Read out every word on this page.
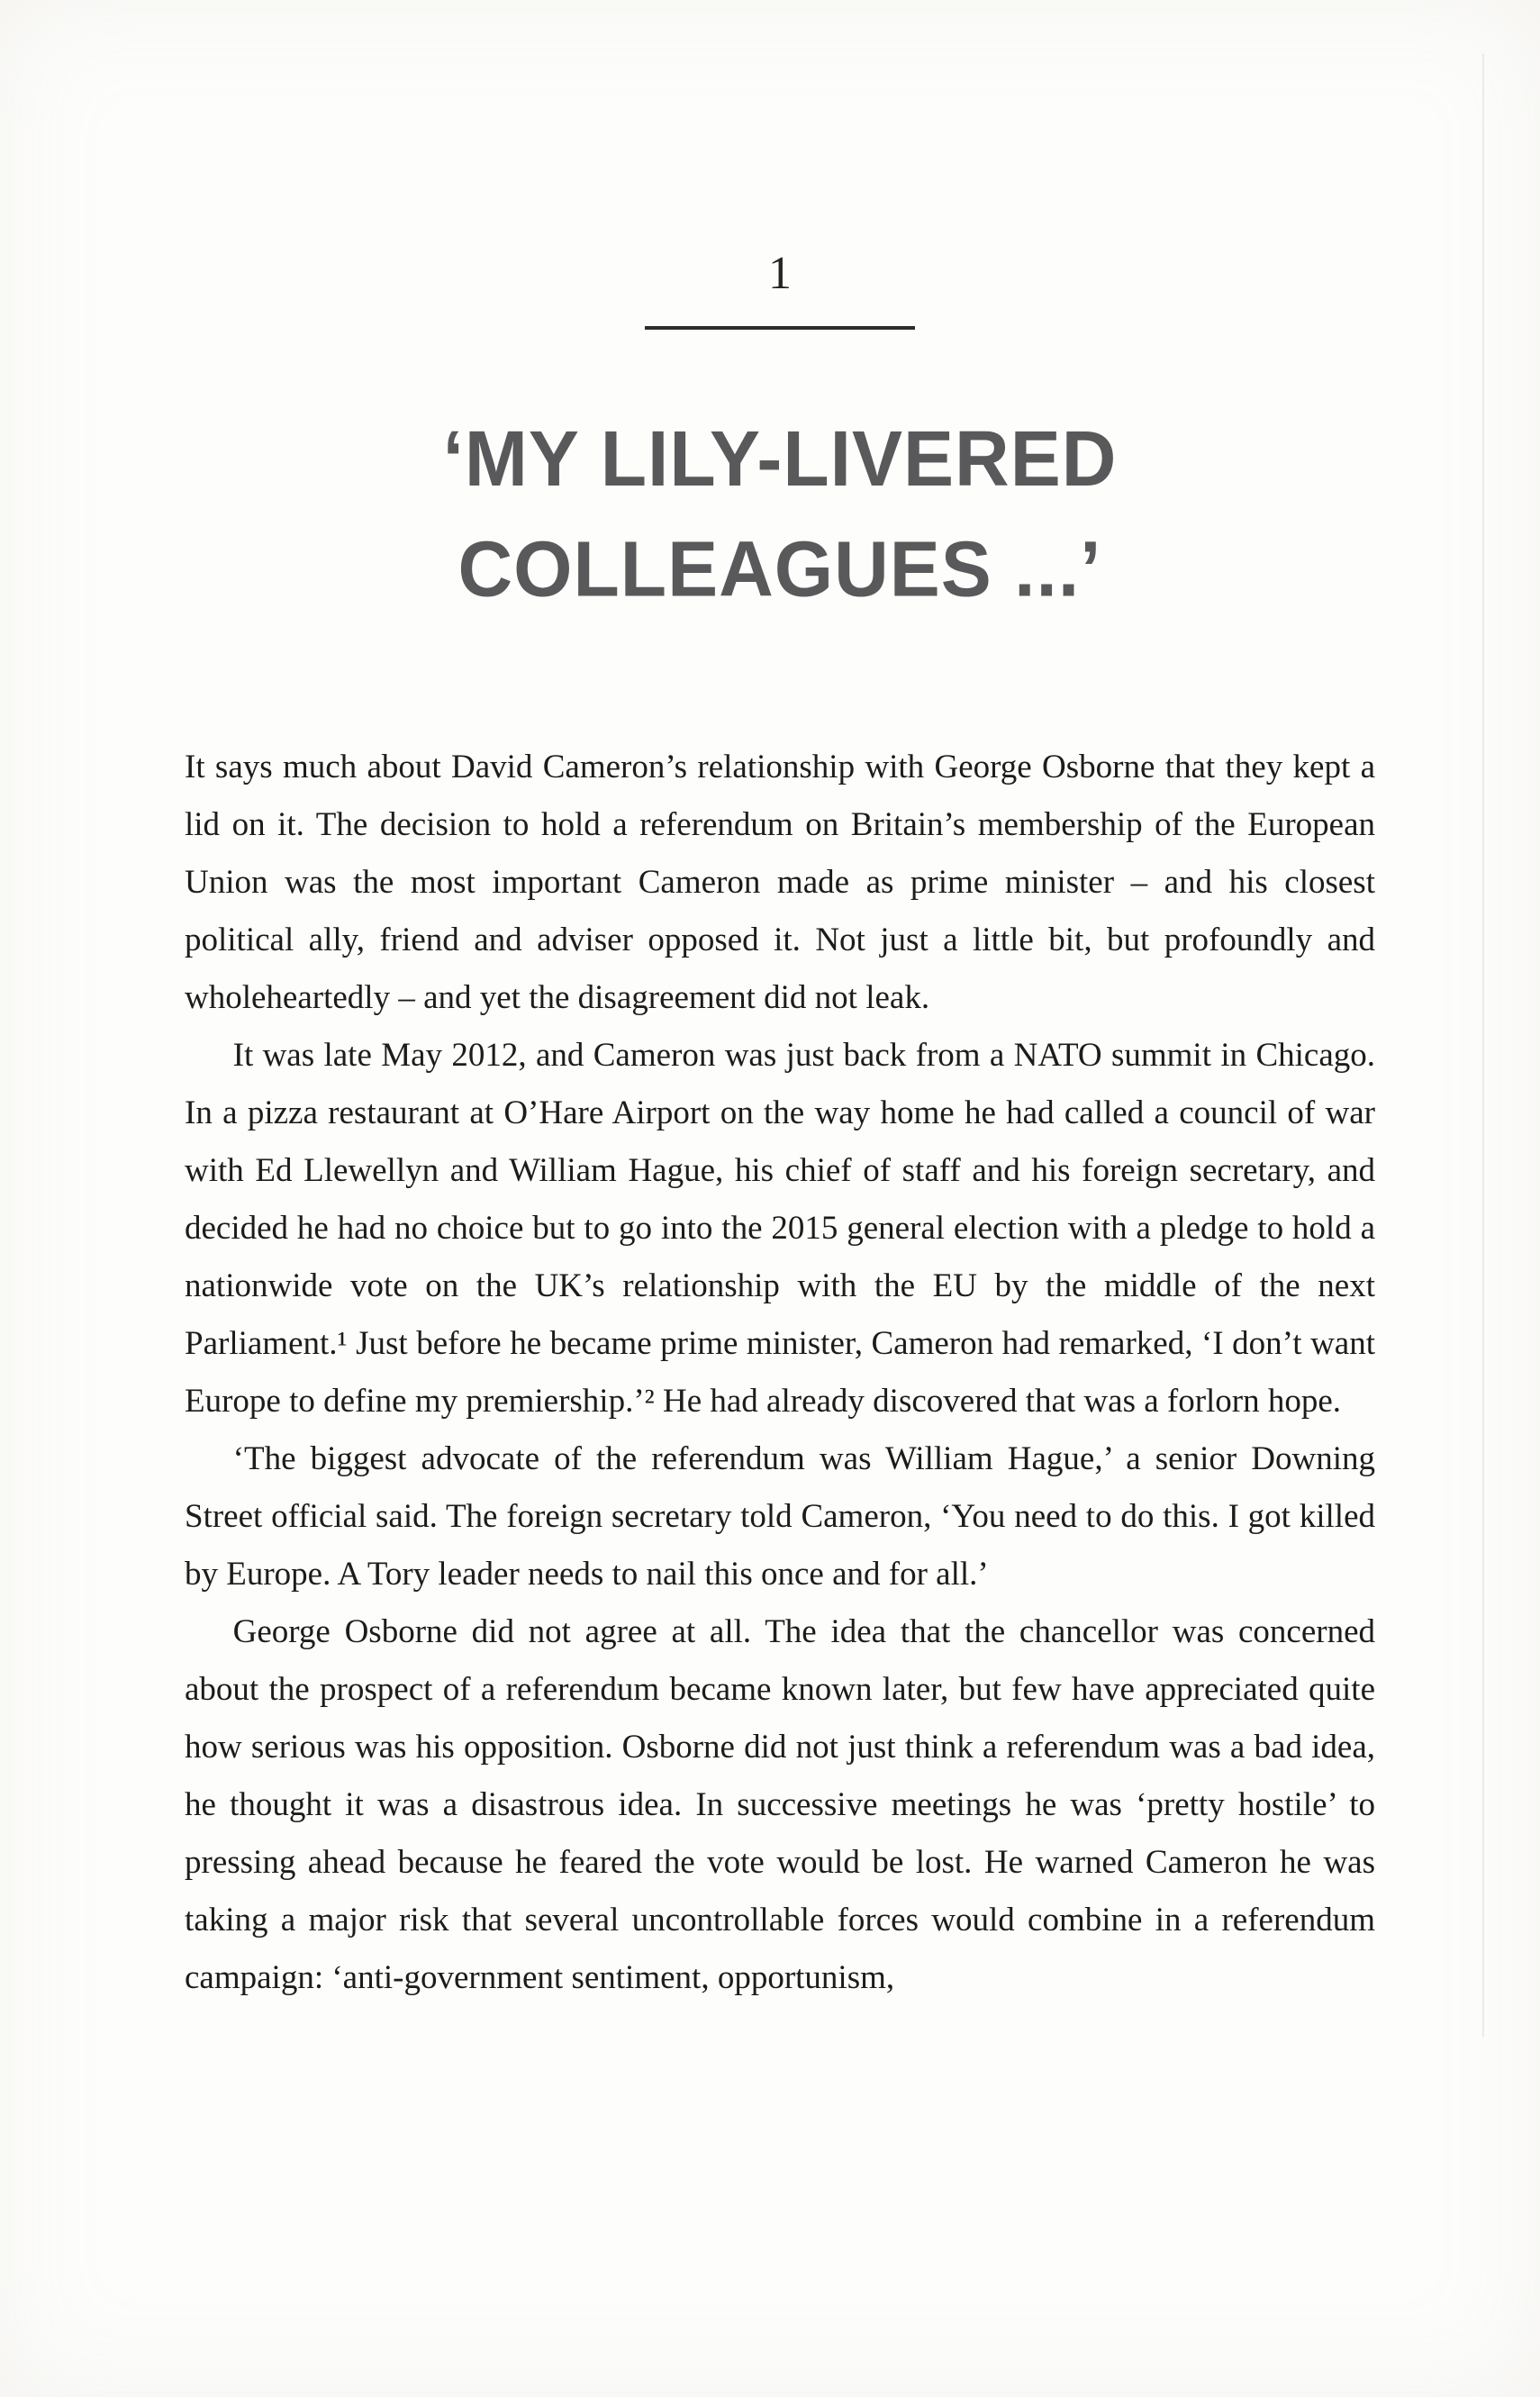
1
‘MY LILY-LIVERED
COLLEAGUES ...’

It says much about David Cameron’s relationship with George Osborne that they kept a lid on it. The decision to hold a referendum on Britain’s membership of the European Union was the most important Cameron made as prime minister – and his closest political ally, friend and adviser opposed it. Not just a little bit, but profoundly and wholeheartedly – and yet the disagreement did not leak.

It was late May 2012, and Cameron was just back from a NATO summit in Chicago. In a pizza restaurant at O’Hare Airport on the way home he had called a council of war with Ed Llewellyn and William Hague, his chief of staff and his foreign secretary, and decided he had no choice but to go into the 2015 general election with a pledge to hold a nationwide vote on the UK’s relationship with the EU by the middle of the next Parliament.¹ Just before he became prime minister, Cameron had remarked, ‘I don’t want Europe to define my premiership.’² He had already discovered that was a forlorn hope.

‘The biggest advocate of the referendum was William Hague,’ a senior Downing Street official said. The foreign secretary told Cameron, ‘You need to do this. I got killed by Europe. A Tory leader needs to nail this once and for all.’

George Osborne did not agree at all. The idea that the chancellor was concerned about the prospect of a referendum became known later, but few have appreciated quite how serious was his opposition. Osborne did not just think a referendum was a bad idea, he thought it was a disastrous idea. In successive meetings he was ‘pretty hostile’ to pressing ahead because he feared the vote would be lost. He warned Cameron he was taking a major risk that several uncontrollable forces would combine in a referendum campaign: ‘anti-government sentiment, opportunism,
